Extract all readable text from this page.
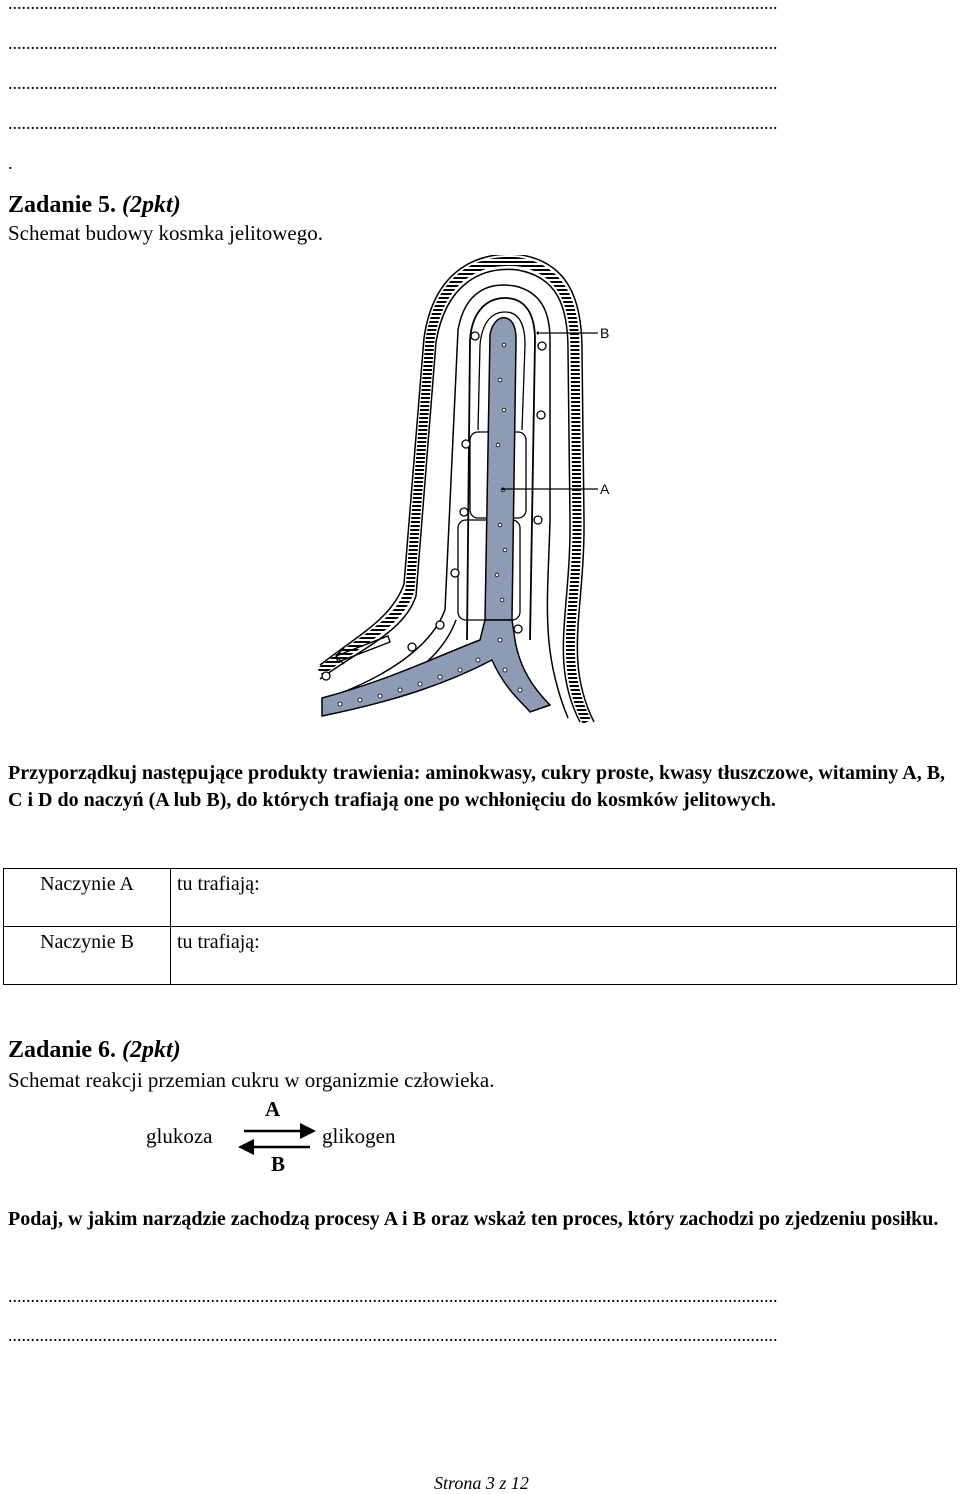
...........................................................................................................................................................................
...........................................................................................................................................................................
...........................................................................................................................................................................
...........................................................................................................................................................................
.
Zadanie 5. (2pkt)
Schemat budowy kosmka jelitowego.
B
A
Przyporządkuj następujące produkty trawienia: aminokwasy, cukry proste, kwasy tłuszczowe, witaminy A, B, C i D do naczyń (A lub B), do których trafiają one po wchłonięciu do kosmków jelitowych.
Naczynie A	tu trafiają:
Naczynie B	tu trafiają:
Zadanie 6. (2pkt)
Schemat reakcji przemian cukru w organizmie człowieka.
A
glukoza	glikogen
B
Podaj, w jakim narządzie zachodzą procesy A i B oraz wskaż ten proces, który zachodzi po zjedzeniu posiłku.
...........................................................................................................................................................................
...........................................................................................................................................................................
Strona 3 z 12
